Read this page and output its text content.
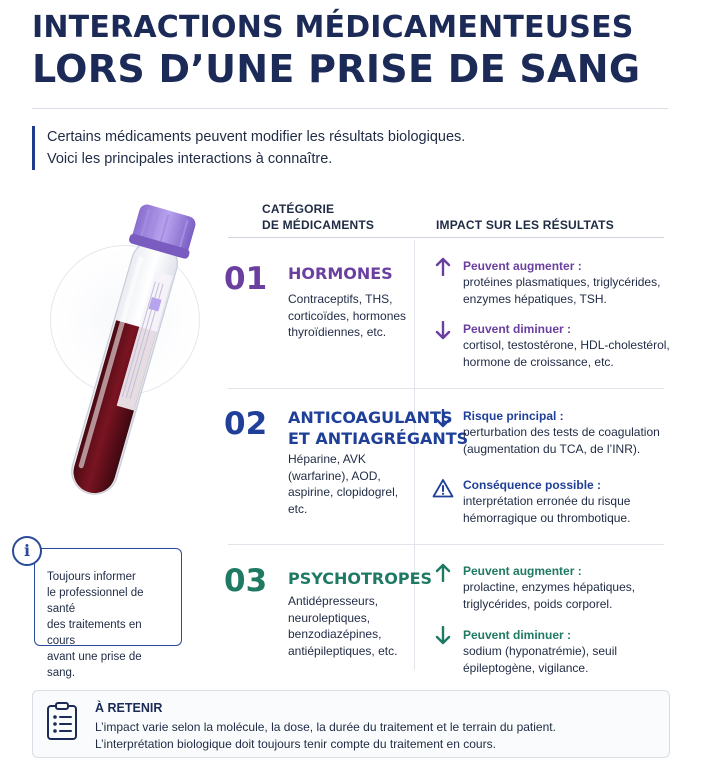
INTERACTIONS MÉDICAMENTEUSES
LORS D’UNE PRISE DE SANG
Certains médicaments peuvent modifier les résultats biologiques.
Voici les principales interactions à connaître.
Toujours informer
le professionnel de santé
des traitements en cours
avant une prise de sang.
i
CATÉGORIE
DE MÉDICAMENTS	IMPACT SUR LES RÉSULTATS
01 HORMONES
Contraceptifs, THS,
corticoïdes, hormones
thyroïdiennes, etc.
Peuvent augmenter :
protéines plasmatiques, triglycérides,
enzymes hépatiques, TSH.
Peuvent diminuer :
cortisol, testostérone, HDL-cholestérol,
hormone de croissance, etc.
02 ANTICOAGULANTS
ET ANTIAGRÉGANTS
Héparine, AVK
(warfarine), AOD,
aspirine, clopidogrel,
etc.
Risque principal :
perturbation des tests de coagulation
(augmentation du TCA, de l’INR).
Conséquence possible :
interprétation erronée du risque
hémorragique ou thrombotique.
03 PSYCHOTROPES
Antidépresseurs,
neuroleptiques,
benzodiazépines,
antiépileptiques, etc.
Peuvent augmenter :
prolactine, enzymes hépatiques,
triglycérides, poids corporel.
Peuvent diminuer :
sodium (hyponatrémie), seuil
épileptogène, vigilance.
À RETENIR
L’impact varie selon la molécule, la dose, la durée du traitement et le terrain du patient.
L’interprétation biologique doit toujours tenir compte du traitement en cours.
